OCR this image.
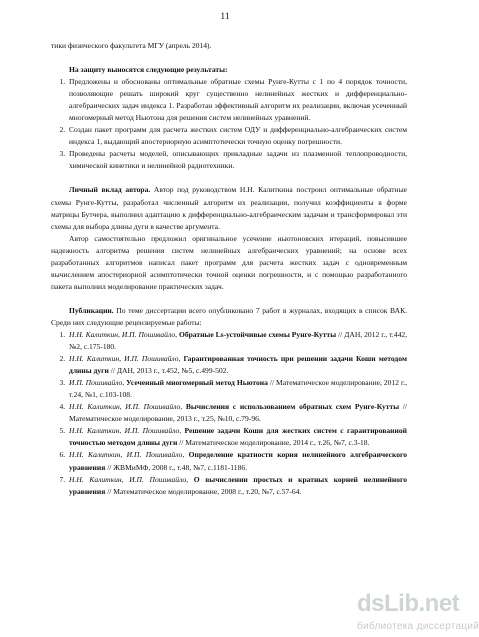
11

тики физического факультета МГУ (апрель 2014).

На защиту выносятся следующие результаты:

1. Предложены и обоснованы оптимальные обратные схемы Рунге-Кутты с 1 по 4 порядок точности, позволяющие решать широкий круг существенно нелинейных жестких и дифференциально-алгебраических задач индекса 1. Разработан эффективный алгоритм их реализации, включая усеченный многомерный метод Ньютона для решения систем нелинейных уравнений.
2. Создан пакет программ для расчета жестких систем ОДУ и дифференциально-алгебраических систем индекса 1, выдающий апостериорную асимптотически точную оценку погрешности.
3. Проведены расчеты моделей, описывающих прикладные задачи из плазменной теплопроводности, химической кинетики и нелинейной радиотехники.

Личный вклад автора. Автор под руководством Н.Н. Калиткина построил оптимальные обратные схемы Рунге-Кутты, разработал численный алгоритм их реализации, получил коэффициенты в форме матрицы Бутчера, выполнил адаптацию к дифференциально-алгебраическим задачам и трансформировал эти схемы для выбора длины дуги в качестве аргумента.

Автор самостоятельно предложил оригинальное усечение ньютоновских итераций, повысившее надежность алгоритма решения систем нелинейных алгебраических уравнений; на основе всех разработанных алгоритмов написал пакет программ для расчета жестких задач с одновременным вычислением апостериорной асимптотически точной оценки погрешности, и с помощью разработанного пакета выполнил моделирование практических задач.

Публикации. По теме диссертации всего опубликовано 7 работ в журналах, входящих в список ВАК. Среди них следующие рецензируемые работы:

1. Н.Н. Калиткин, И.П. Пошивайло, Обратные Ls-устойчивые схемы Рунге-Кутты // ДАН, 2012 г., т.442, №2, с.175-180.
2. Н.Н. Калиткин, И.П. Пошивайло, Гарантированная точность при решении задачи Коши методом длины дуги // ДАН, 2013 г., т.452, №5, с.499-502.
3. И.П. Пошивайло, Усеченный многомерный метод Ньютона // Математическое моделирование, 2012 г., т.24, №1, с.103-108.
4. Н.Н. Калиткин, И.П. Пошивайло, Вычисления с использованием обратных схем Рунге-Кутты // Математическое моделирование, 2013 г., т.25, №10, с.79-96.
5. Н.Н. Калиткин, И.П. Пошивайло, Решение задачи Коши для жестких систем с гарантированной точностью методом длины дуги // Математическое моделирование, 2014 г., т.26, №7, с.3-18.
6. Н.Н. Калиткин, И.П. Пошивайло, Определение кратности корня нелинейного алгебраического уравнения // ЖВМиМФ, 2008 г., т.48, №7, с.1181-1186.
7. Н.Н. Калиткин, И.П. Пошивайло, О вычислении простых и кратных корней нелинейного уравнения // Математическое моделирование, 2008 г., т.20, №7, с.57-64.
dsLib.net
библиотека диссертаций
